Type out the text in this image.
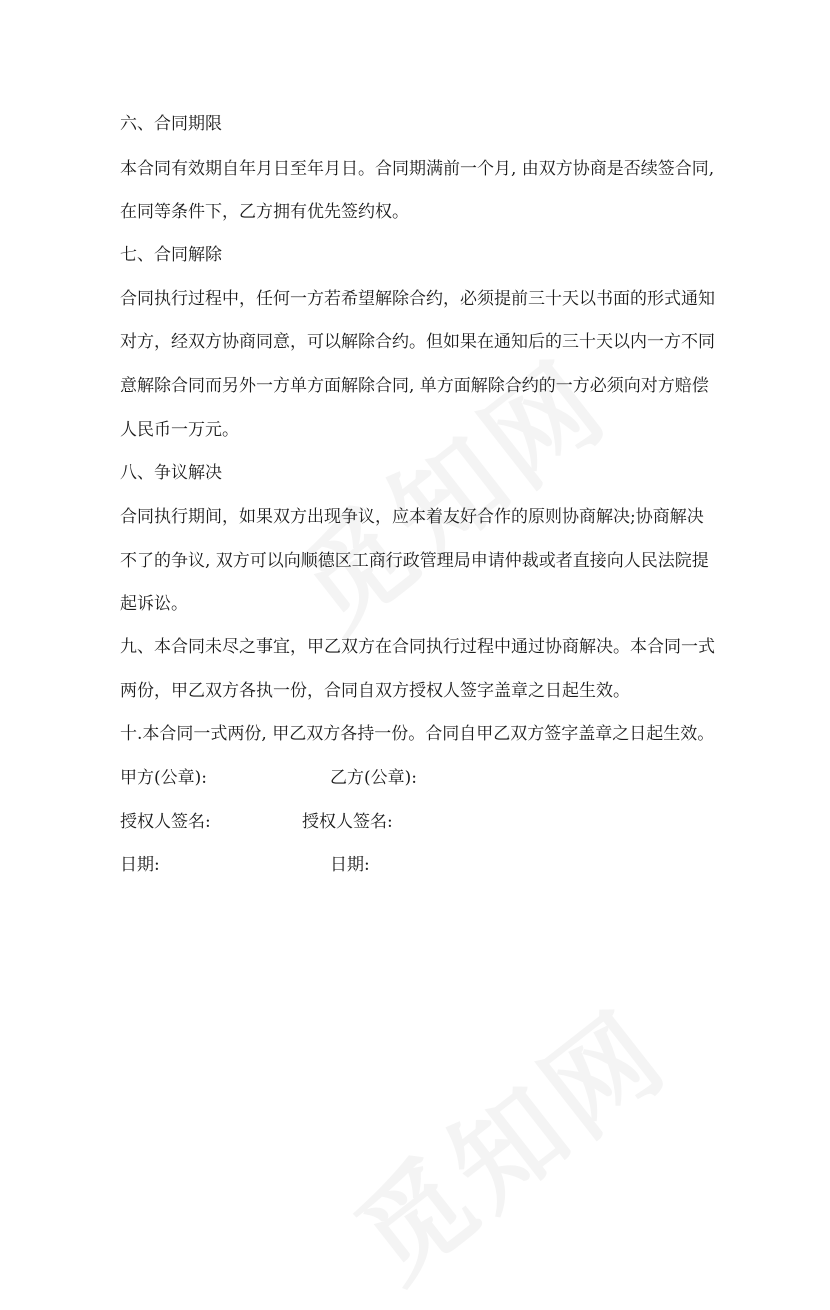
六、合同期限
本合同有效期自年月日至年月日。合同期满前一个月, 由双方协商是否续签合同,
在同等条件下，乙方拥有优先签约权。
七、合同解除
合同执行过程中，任何一方若希望解除合约，必须提前三十天以书面的形式通知
对方，经双方协商同意，可以解除合约。但如果在通知后的三十天以内一方不同
意解除合同而另外一方单方面解除合同, 单方面解除合约的一方必须向对方赔偿
人民币一万元。
八、争议解决
合同执行期间，如果双方出现争议，应本着友好合作的原则协商解决;协商解决
不了的争议, 双方可以向顺德区工商行政管理局申请仲裁或者直接向人民法院提
起诉讼。
九、本合同未尽之事宜，甲乙双方在合同执行过程中通过协商解决。本合同一式
两份，甲乙双方各执一份，合同自双方授权人签字盖章之日起生效。
十.本合同一式两份, 甲乙双方各持一份。合同自甲乙双方签字盖章之日起生效。
甲方(公章):	乙方(公章):
授权人签名:	授权人签名:
日期:	日期:
